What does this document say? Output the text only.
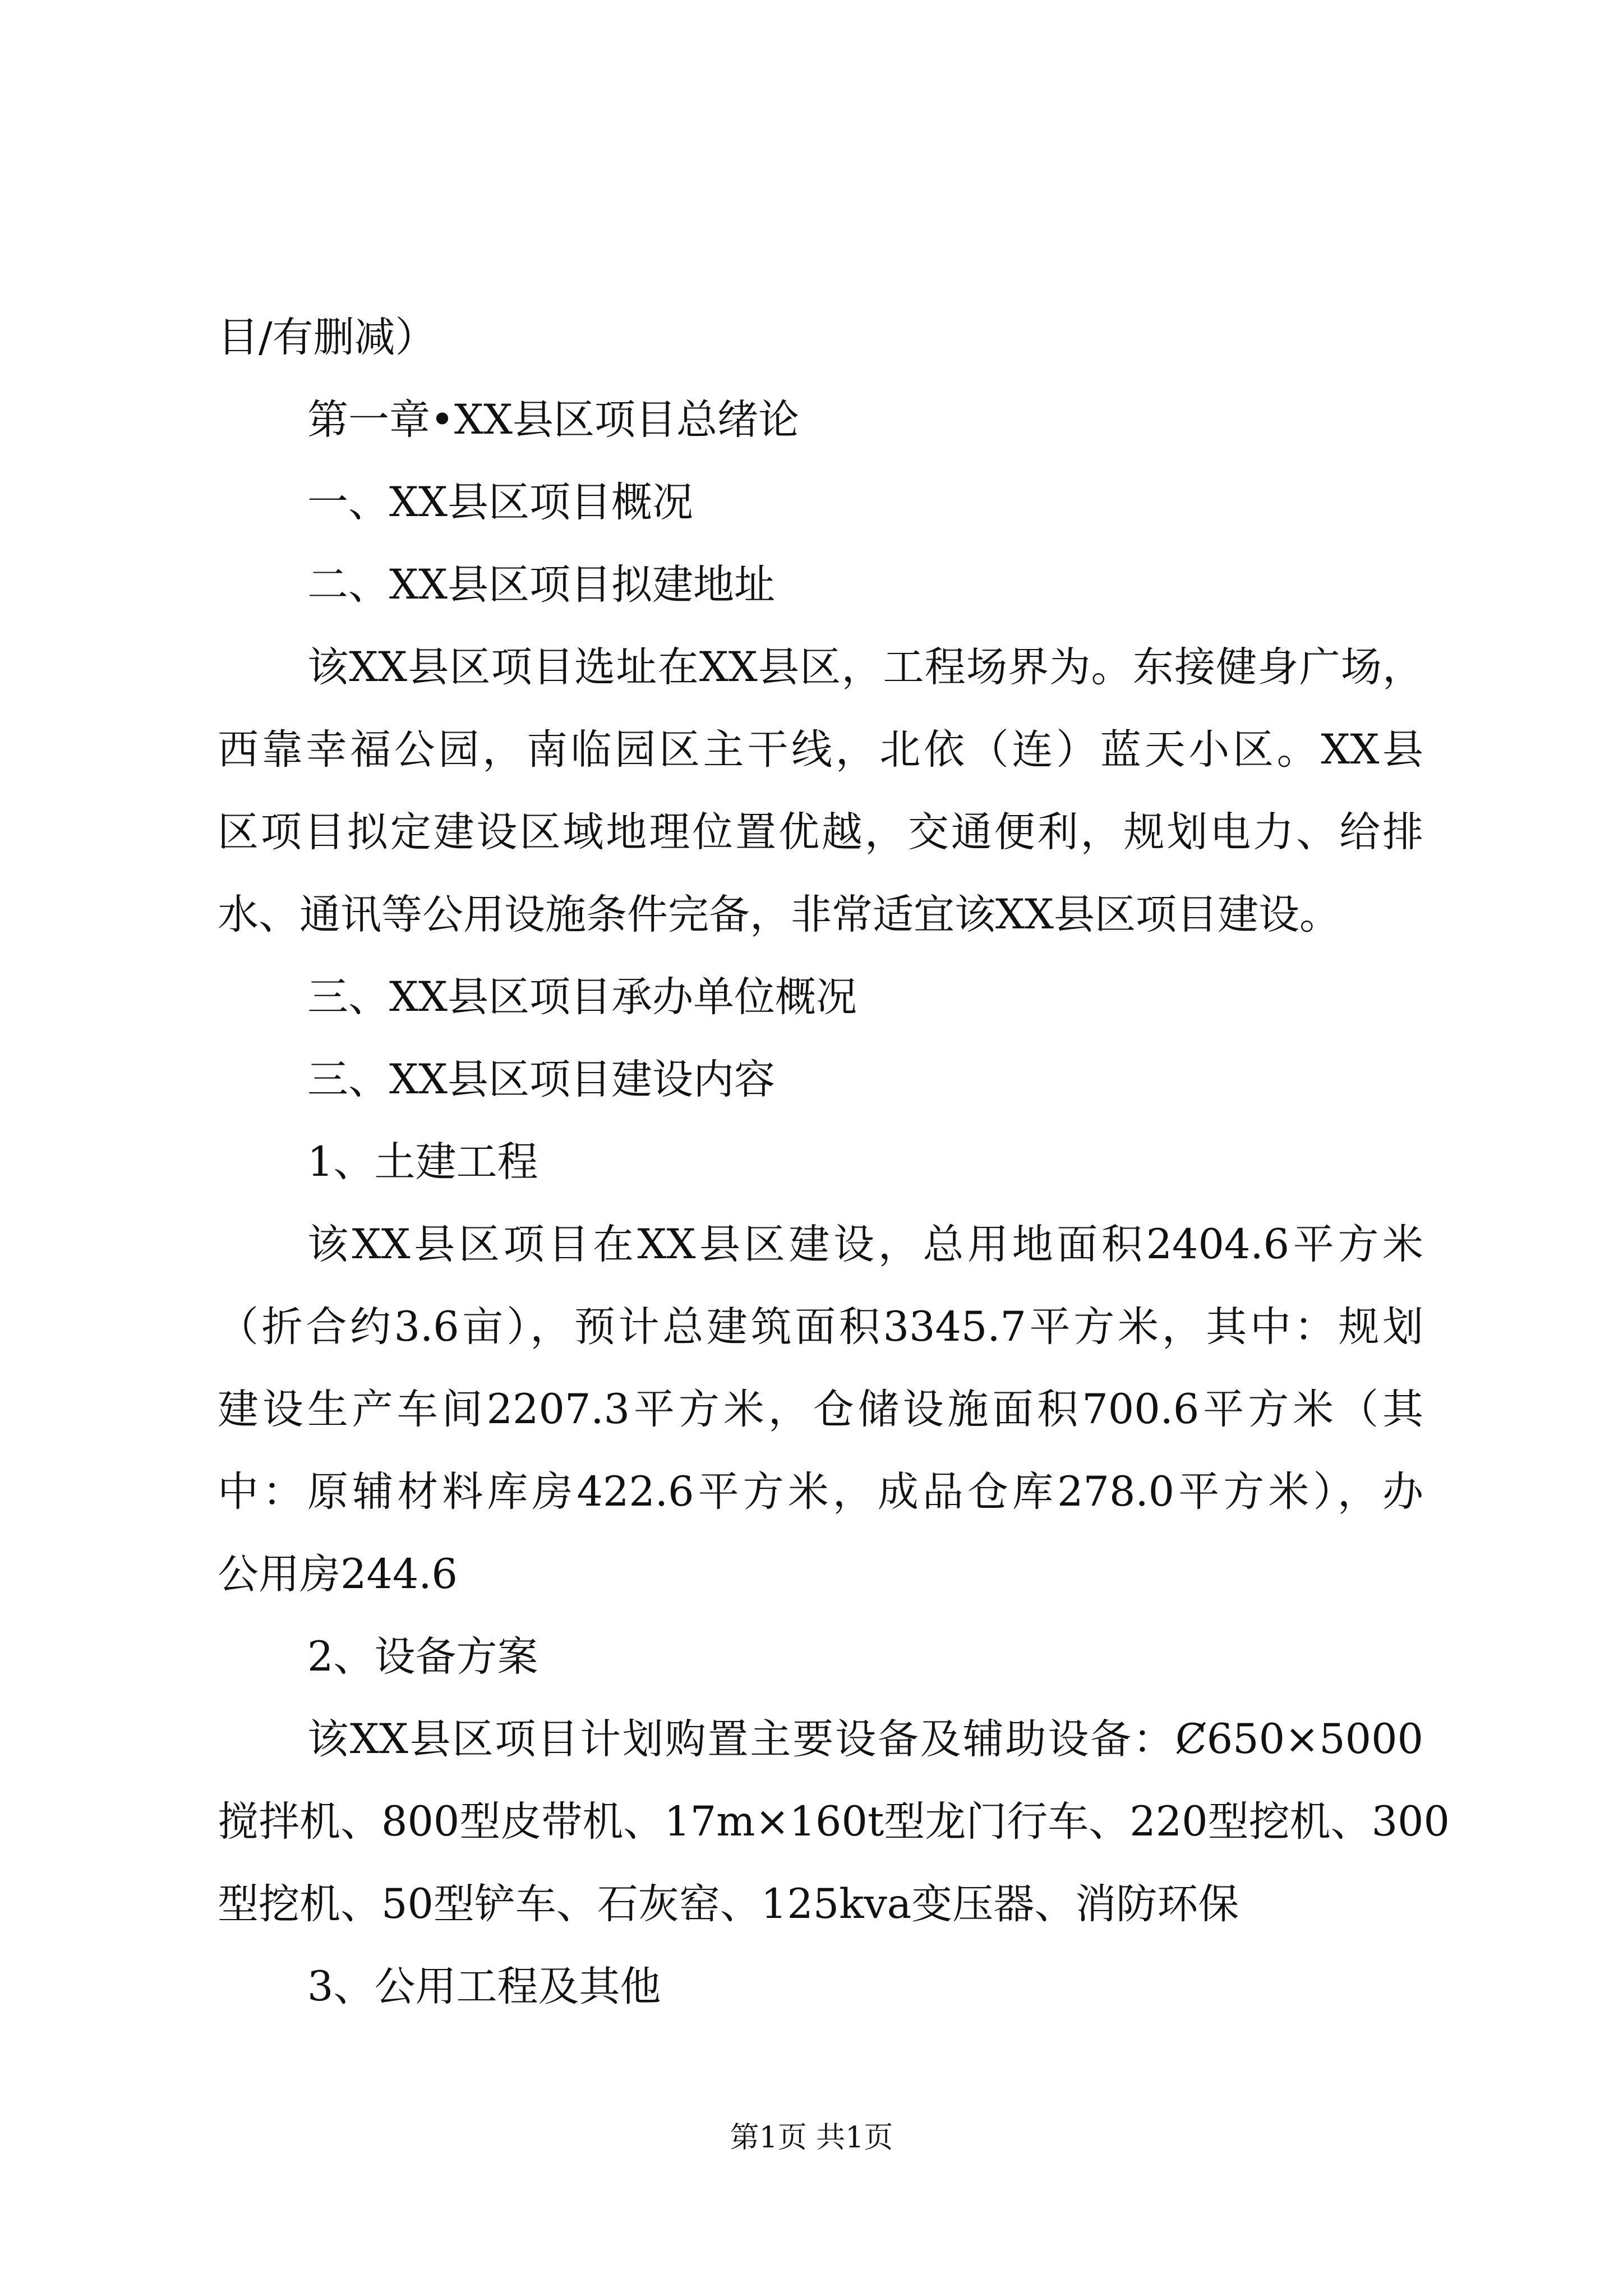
目/有删减）

第一章•XX县区项目总绪论

一、XX县区项目概况

二、XX县区项目拟建地址

该XX县区项目选址在XX县区，工程场界为。东接健身广场，

西靠幸福公园，南临园区主干线，北依（连）蓝天小区。XX县

区项目拟定建设区域地理位置优越，交通便利，规划电力、给排

水、通讯等公用设施条件完备，非常适宜该XX县区项目建设。

三、XX县区项目承办单位概况

三、XX县区项目建设内容

1、土建工程

该XX县区项目在XX县区建设，总用地面积2404.6平方米

（折合约3.6亩），预计总建筑面积3345.7平方米，其中：规划

建设生产车间2207.3平方米，仓储设施面积700.6平方米（其

中：原辅材料库房422.6平方米，成品仓库278.0平方米），办

公用房244.6

2、设备方案

该XX县区项目计划购置主要设备及辅助设备：Ȼ650×5000

搅拌机、800型皮带机、17m×160t型龙门行车、220型挖机、300

型挖机、50型铲车、石灰窑、125kva变压器、消防环保

3、公用工程及其他

第1页 共1页
